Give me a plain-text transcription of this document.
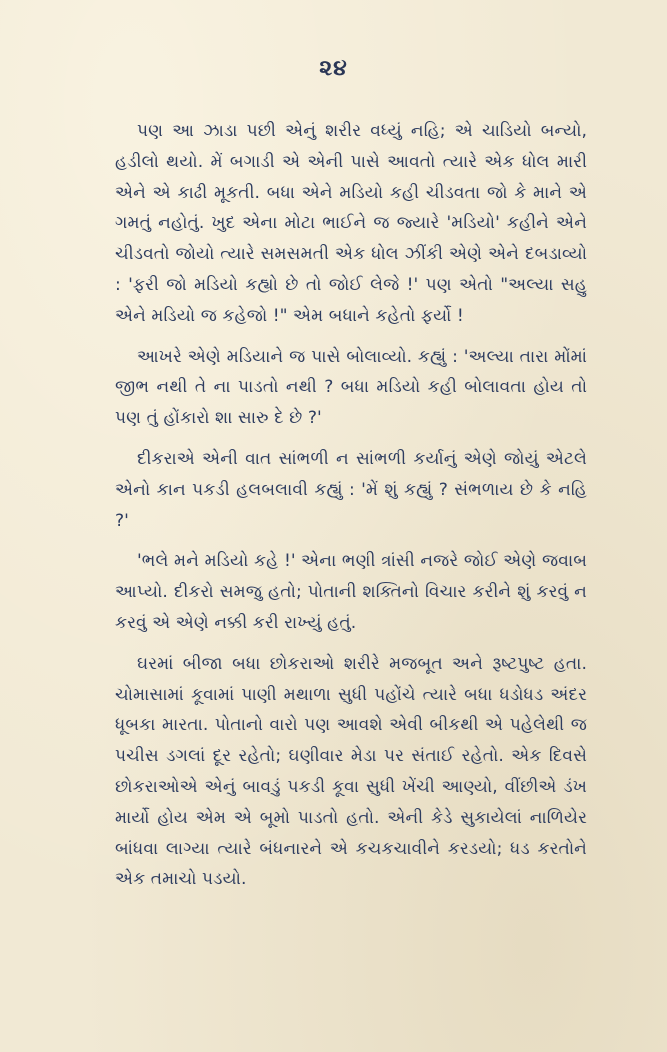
૨૪

પણ આ ઝાડા પછી એનું શરીર વધ્યું નહિ; એ ચાડિયો બન્યો, હડીલો થયો. મેં બગાડી એ એની પાસે આવતો ત્યારે એક ધોલ મારી એને એ કાઢી મૂકતી. બધા એને મડિયો કહી ચીડવતા જો કે માને એ ગમતું નહોતું. ખુદ એના મોટા ભાઈને જ જ્યારે 'મડિયો' કહીને એને ચીડવતો જોયો ત્યારે સમસમતી એક ધોલ ઝીંકી એણે એને દબડાવ્યો : 'ફરી જો મડિયો કહ્યો છે તો જોઈ લેજે !' પણ એતો "અલ્યા સહુ એને મડિયો જ કહેજો !" એમ બધાને કહેતો ફર્યો !

આખરે એણે મડિયાને જ પાસે બોલાવ્યો. કહ્યું : 'અલ્યા તારા મોંમાં જીભ નથી તે ના પાડતો નથી ? બધા મડિયો કહી બોલાવતા હોય તો પણ તું હોંકારો શા સારુ દે છે ?'

દીકરાએ એની વાત સાંભળી ન સાંભળી કર્યાનું એણે જોયું એટલે એનો કાન પકડી હલબલાવી કહ્યું : 'મેં શું કહ્યું ? સંભળાય છે કે નહિ ?'

'ભલે મને મડિયો કહે !' એના ભણી ત્રાંસી નજરે જોઈ એણે જવાબ આપ્યો. દીકરો સમજુ હતો; પોતાની શક્તિનો વિચાર કરીને શું કરવું ન કરવું એ એણે નક્કી કરી રાખ્યું હતું.

ઘરમાં બીજા બધા છોકરાઓ શરીરે મજબૂત અને રૂષ્ટપુષ્ટ હતા. ચોમાસામાં કૂવામાં પાણી મથાળા સુધી પહોંચે ત્યારે બધા ધડોધડ અંદર ધૂબકા મારતા. પોતાનો વારો પણ આવશે એવી બીકથી એ પહેલેથી જ પચીસ ડગલાં દૂર રહેતો; ઘણીવાર મેડા પર સંતાઈ રહેતો. એક દિવસે છોકરાઓએ એનું બાવડું પકડી કૂવા સુધી ખેંચી આણ્યો, વીંછીએ ડંખ માર્યો હોય એમ એ બૂમો પાડતો હતો. એની કેડે સુકાયેલાં નાળિયેર બાંધવા લાગ્યા ત્યારે બંધનારને એ કચકચાવીને કરડયો; ધડ કરતોને એક તમાચો પડયો.
